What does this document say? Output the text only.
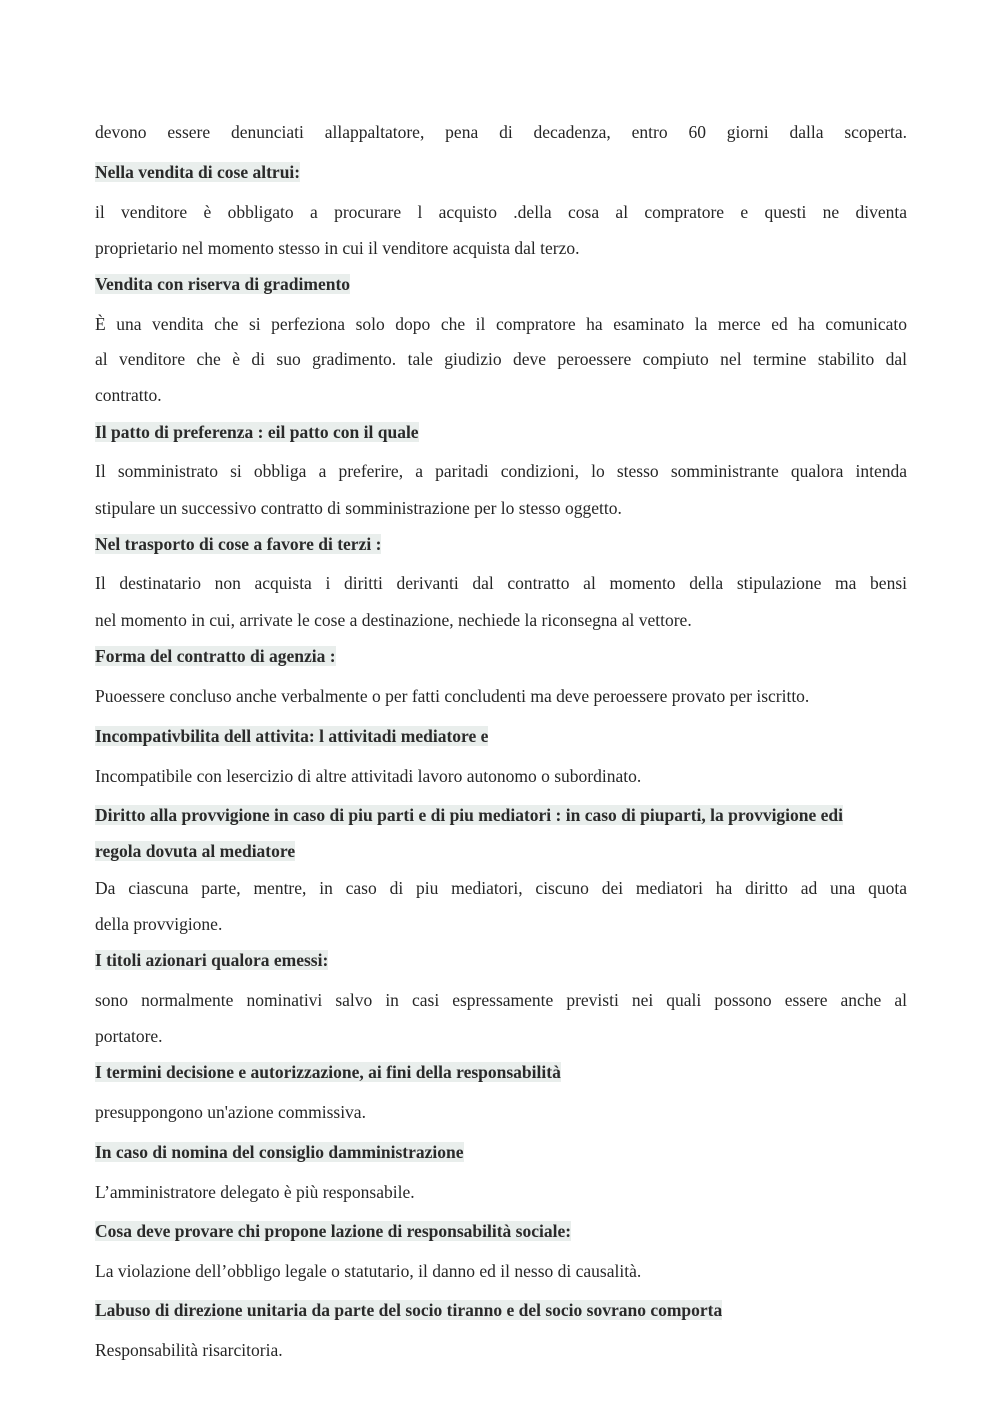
devono essere denunciati allappaltatore, pena di decadenza, entro 60 giorni dalla scoperta.
Nella vendita di cose altrui:
il venditore è obbligato a procurare l acquisto .della cosa al compratore e questi ne diventa
proprietario nel momento stesso in cui il venditore acquista dal terzo.
Vendita con riserva di gradimento
È una vendita che si perfeziona solo dopo che il compratore ha esaminato la merce ed ha comunicato
al venditore che è di suo gradimento. tale giudizio deve peroessere compiuto nel termine stabilito dal
contratto.
Il patto di preferenza : eil patto con il quale
Il somministrato si obbliga a preferire, a paritadi condizioni, lo stesso somministrante qualora intenda
stipulare un successivo contratto di somministrazione per lo stesso oggetto.
Nel trasporto di cose a favore di terzi :
Il destinatario non acquista i diritti derivanti dal contratto al momento della stipulazione ma bensi
nel momento in cui, arrivate le cose a destinazione, nechiede la riconsegna al vettore.
Forma del contratto di agenzia :
Puoessere concluso anche verbalmente o per fatti concludenti ma deve peroessere provato per iscritto.
Incompativbilita dell attivita: l attivitadi mediatore e
Incompatibile con lesercizio di altre attivitadi lavoro autonomo o subordinato.
Diritto alla provvigione in caso di piu parti e di piu mediatori : in caso di piuparti, la provvigione edi
regola dovuta al mediatore
Da ciascuna parte, mentre, in caso di piu mediatori, ciscuno dei mediatori ha diritto ad una quota
della provvigione.
I titoli azionari qualora emessi:
sono normalmente nominativi salvo in casi espressamente previsti nei quali possono essere anche al
portatore.
I termini decisione e autorizzazione, ai fini della responsabilità
presuppongono un'azione commissiva.
In caso di nomina del consiglio damministrazione
L’amministratore delegato è più responsabile.
Cosa deve provare chi propone lazione di responsabilità sociale:
La violazione dell’obbligo legale o statutario, il danno ed il nesso di causalità.
Labuso di direzione unitaria da parte del socio tiranno e del socio sovrano comporta
Responsabilità risarcitoria.
